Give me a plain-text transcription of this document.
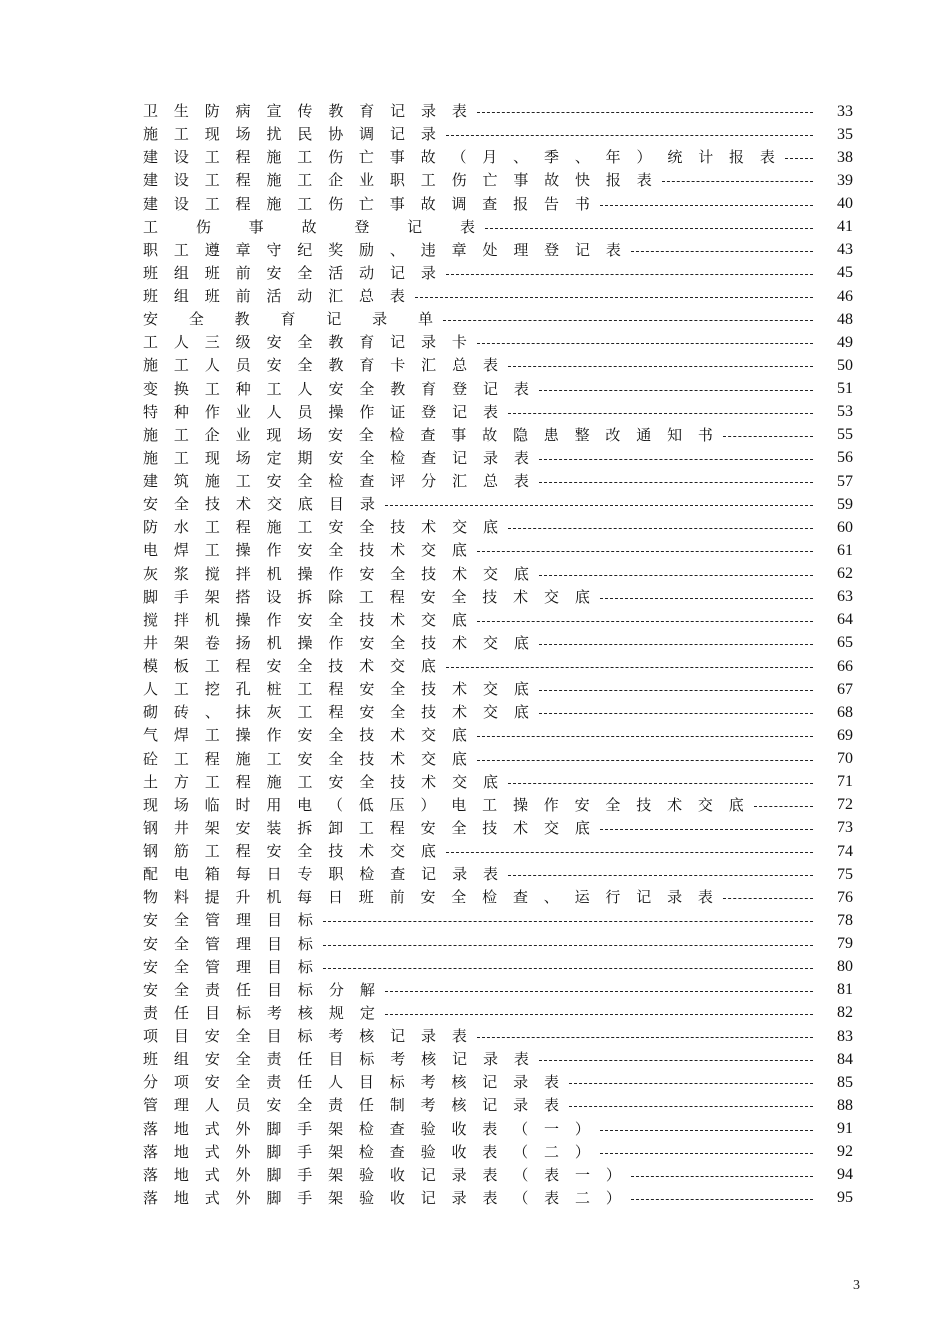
卫 生 防 病 宣 传 教 育 记 录 表	33
施 工 现 场 扰 民 协 调 记 录	35
建 设 工 程 施 工 伤 亡 事 故 （ 月 、 季 、 年 ） 统 计 报 表	38
建 设 工 程 施 工 企 业 职 工 伤 亡 事 故 快 报 表	39
建 设 工 程 施 工 伤 亡 事 故 调 查 报 告 书	40
工	伤	事	故	登	记	表	41
职 工 遵 章 守 纪 奖 励 、 违 章 处 理 登 记 表	43
班 组 班 前 安 全 活 动 记 录	45
班 组 班 前 活 动 汇 总 表	46
安 全 教 育 记 录 单	48
工 人 三 级 安 全 教 育 记 录 卡	49
施 工 人 员 安 全 教 育 卡 汇 总 表	50
变 换 工 种 工 人 安 全 教 育 登 记 表	51
特 种 作 业 人 员 操 作 证 登 记 表	53
施 工 企 业 现 场 安 全 检 查 事 故 隐 患 整 改 通 知 书	55
施 工 现 场 定 期 安 全 检 查 记 录 表	56
建 筑 施 工 安 全 检 查 评 分 汇 总 表	57
安 全 技 术 交 底 目 录	59
防 水 工 程 施 工 安 全 技 术 交 底	60
电 焊 工 操 作 安 全 技 术 交 底	61
灰 浆 搅 拌 机 操 作 安 全 技 术 交 底	62
脚 手 架 搭 设 拆 除 工 程 安 全 技 术 交 底	63
搅 拌 机 操 作 安 全 技 术 交 底	64
井 架 卷 扬 机 操 作 安 全 技 术 交 底	65
模 板 工 程 安 全 技 术 交 底	66
人 工 挖 孔 桩 工 程 安 全 技 术 交 底	67
砌 砖 、 抹 灰 工 程 安 全 技 术 交 底	68
气 焊 工 操 作 安 全 技 术 交 底	69
砼 工 程 施 工 安 全 技 术 交 底	70
土 方 工 程 施 工 安 全 技 术 交 底	71
现 场 临 时 用 电 （ 低 压 ） 电 工 操 作 安 全 技 术 交 底	72
钢 井 架 安 装 拆 卸 工 程 安 全 技 术 交 底	73
钢 筋 工 程 安 全 技 术 交 底	74
配 电 箱 每 日 专 职 检 查 记 录 表	75
物 料 提 升 机 每 日 班 前 安 全 检 查 、 运 行 记 录 表	76
安 全 管 理 目 标	78
安 全 管 理 目 标	79
安 全 管 理 目 标	80
安 全 责 任 目 标 分 解	81
责 任 目 标 考 核 规 定	82
项 目 安 全 目 标 考 核 记 录 表	83
班 组 安 全 责 任 目 标 考 核 记 录 表	84
分 项 安 全 责 任 人 目 标 考 核 记 录 表	85
管 理 人 员 安 全 责 任 制 考 核 记 录 表	88
落 地 式 外 脚 手 架 检 查 验 收 表 （ 一 ）	91
落 地 式 外 脚 手 架 检 查 验 收 表 （ 二 ）	92
落 地 式 外 脚 手 架 验 收 记 录 表 （ 表 一 ）	94
落 地 式 外 脚 手 架 验 收 记 录 表 （ 表 二 ）	95
3
